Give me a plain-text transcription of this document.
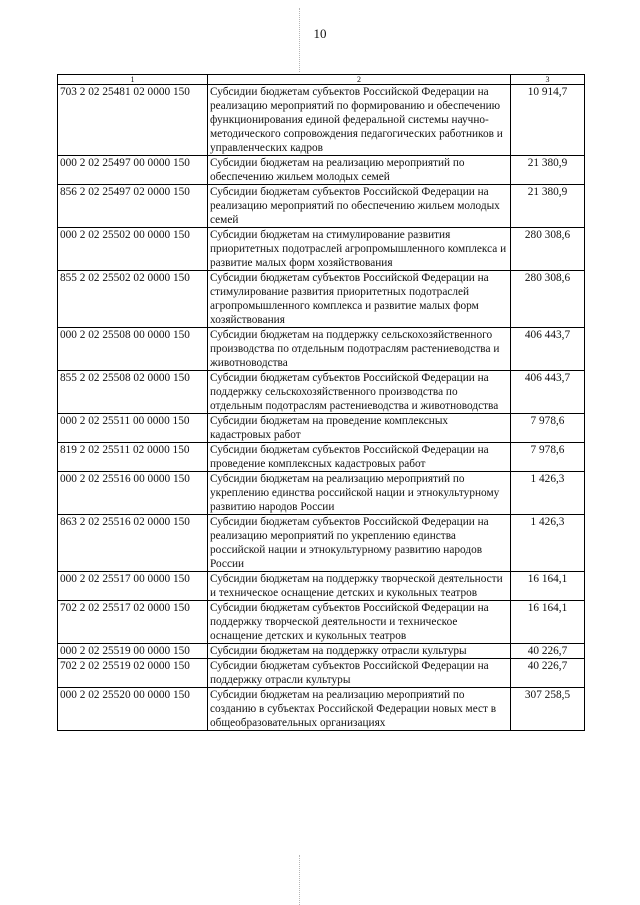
10
1	2	3
703 2 02 25481 02 0000 150	Субсидии бюджетам субъектов Российской Федерации на реализацию мероприятий по формированию и обеспечению функционирования единой федеральной системы научно-методического сопровождения педагогических работников и управленческих кадров	10 914,7
000 2 02 25497 00 0000 150	Субсидии бюджетам на реализацию мероприятий по обеспечению жильем молодых семей	21 380,9
856 2 02 25497 02 0000 150	Субсидии бюджетам субъектов Российской Федерации на реализацию мероприятий по обеспечению жильем молодых семей	21 380,9
000 2 02 25502 00 0000 150	Субсидии бюджетам на стимулирование развития приоритетных подотраслей агропромышленного комплекса и развитие малых форм хозяйствования	280 308,6
855 2 02 25502 02 0000 150	Субсидии бюджетам субъектов Российской Федерации на стимулирование развития приоритетных подотраслей агропромышленного комплекса и развитие малых форм хозяйствования	280 308,6
000 2 02 25508 00 0000 150	Субсидии бюджетам на поддержку сельскохозяйственного производства по отдельным подотраслям растениеводства и животноводства	406 443,7
855 2 02 25508 02 0000 150	Субсидии бюджетам субъектов Российской Федерации на поддержку сельскохозяйственного производства по отдельным подотраслям растениеводства и животноводства	406 443,7
000 2 02 25511 00 0000 150	Субсидии бюджетам на проведение комплексных кадастровых работ	7 978,6
819 2 02 25511 02 0000 150	Субсидии бюджетам субъектов Российской Федерации на проведение комплексных кадастровых работ	7 978,6
000 2 02 25516 00 0000 150	Субсидии бюджетам на реализацию мероприятий по укреплению единства российской нации и этнокультурному развитию народов России	1 426,3
863 2 02 25516 02 0000 150	Субсидии бюджетам субъектов Российской Федерации на реализацию мероприятий по укреплению единства российской нации и этнокультурному развитию народов России	1 426,3
000 2 02 25517 00 0000 150	Субсидии бюджетам на поддержку творческой деятельности и техническое оснащение детских и кукольных театров	16 164,1
702 2 02 25517 02 0000 150	Субсидии бюджетам субъектов Российской Федерации на поддержку творческой деятельности и техническое оснащение детских и кукольных театров	16 164,1
000 2 02 25519 00 0000 150	Субсидии бюджетам на поддержку отрасли культуры	40 226,7
702 2 02 25519 02 0000 150	Субсидии бюджетам субъектов Российской Федерации на поддержку отрасли культуры	40 226,7
000 2 02 25520 00 0000 150	Субсидии бюджетам на реализацию мероприятий по созданию в субъектах Российской Федерации новых мест в общеобразовательных организациях	307 258,5
